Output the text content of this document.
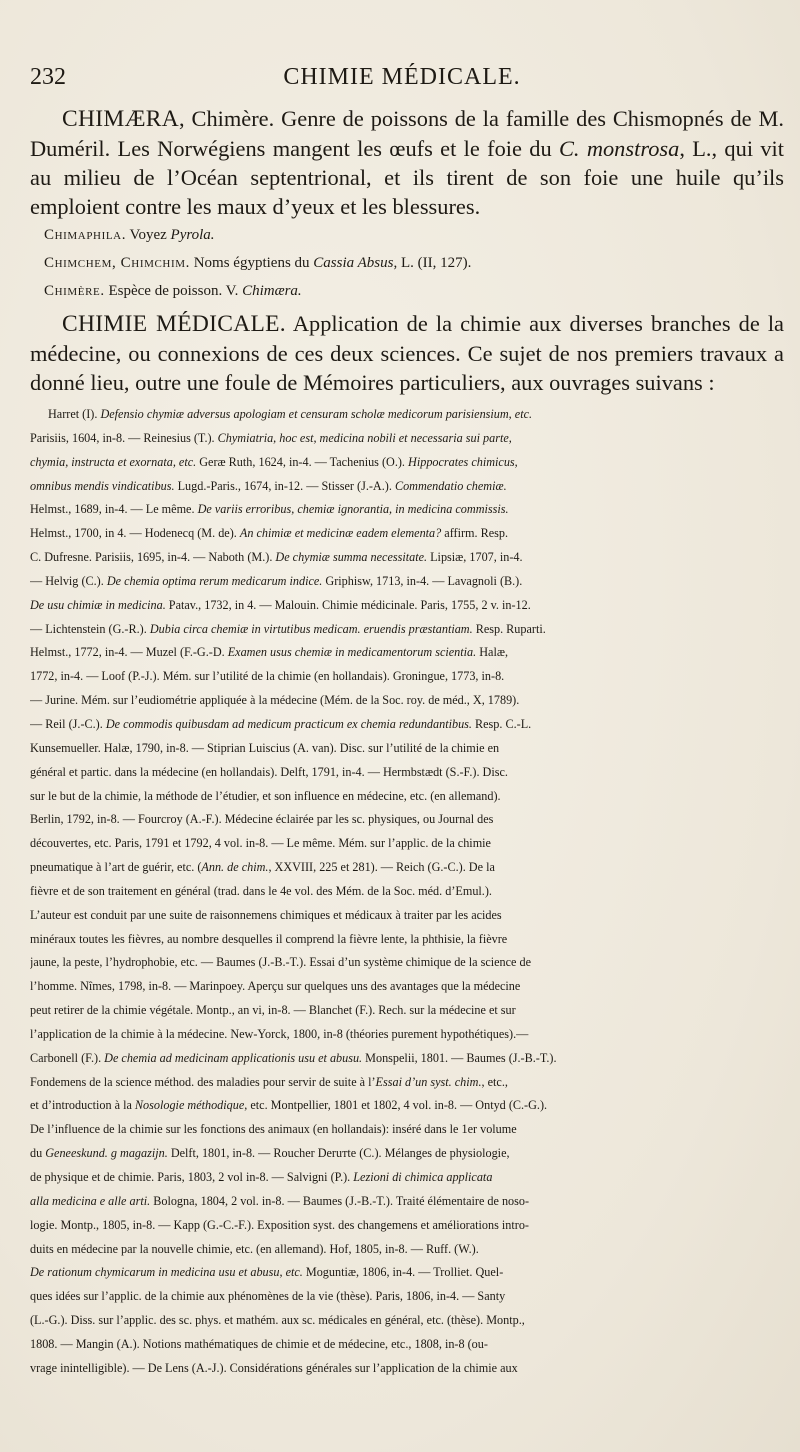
232	CHIMIE MÉDICALE.

CHIMÆRA, Chimère. Genre de poissons de la famille des Chismopnés de M. Duméril. Les Norwégiens mangent les œufs et le foie du C. monstrosa, L., qui vit au milieu de l’Océan septentrional, et ils tirent de son foie une huile qu’ils emploient contre les maux d’yeux et les blessures.

Chimaphila. Voyez Pyrola.

Chimchem, Chimchim. Noms égyptiens du Cassia Absus, L. (II, 127).

Chimère. Espèce de poisson. V. Chimæra.

CHIMIE MÉDICALE. Application de la chimie aux diverses branches de la médecine, ou connexions de ces deux sciences. Ce sujet de nos premiers travaux a donné lieu, outre une foule de Mémoires particuliers, aux ouvrages suivans :

Harret (I). Defensio chymiæ adversus apologiam et censuram scholæ medicorum parisiensium, etc.
Parisiis, 1604, in-8. — Reinesius (T.). Chymiatria, hoc est, medicina nobili et necessaria sui parte,
chymia, instructa et exornata, etc. Geræ Ruth, 1624, in-4. — Tachenius (O.). Hippocrates chimicus,
omnibus mendis vindicatibus. Lugd.-Paris., 1674, in-12. — Stisser (J.-A.). Commendatio chemiæ.
Helmst., 1689, in-4. — Le même. De variis erroribus, chemiæ ignorantia, in medicina commissis.
Helmst., 1700, in 4. — Hodenecq (M. de). An chimiæ et medicinæ eadem elementa? affirm. Resp.
C. Dufresne. Parisiis, 1695, in-4. — Naboth (M.). De chymiæ summa necessitate. Lipsiæ, 1707, in-4.
— Helvig (C.). De chemia optima rerum medicarum indice. Griphisw, 1713, in-4. — Lavagnoli (B.).
De usu chimiæ in medicina. Patav., 1732, in 4. — Malouin. Chimie médicinale. Paris, 1755, 2 v. in-12.
— Lichtenstein (G.-R.). Dubia circa chemiæ in virtutibus medicam. eruendis præstantiam. Resp. Ruparti.
Helmst., 1772, in-4. — Muzel (F.-G.-D. Examen usus chemiæ in medicamentorum scientia. Halæ,
1772, in-4. — Loof (P.-J.). Mém. sur l’utilité de la chimie (en hollandais). Groningue, 1773, in-8.
— Jurine. Mém. sur l’eudiométrie appliquée à la médecine (Mém. de la Soc. roy. de méd., X, 1789).
— Reil (J.-C.). De commodis quibusdam ad medicum practicum ex chemia redundantibus. Resp. C.-L.
Kunsemueller. Halæ, 1790, in-8. — Stiprian Luiscius (A. van). Disc. sur l’utilité de la chimie en
général et partic. dans la médecine (en hollandais). Delft, 1791, in-4. — Hermbstædt (S.-F.). Disc.
sur le but de la chimie, la méthode de l’étudier, et son influence en médecine, etc. (en allemand).
Berlin, 1792, in-8. — Fourcroy (A.-F.). Médecine éclairée par les sc. physiques, ou Journal des
découvertes, etc. Paris, 1791 et 1792, 4 vol. in-8. — Le même. Mém. sur l’applic. de la chimie
pneumatique à l’art de guérir, etc. (Ann. de chim., XXVIII, 225 et 281). — Reich (G.-C.). De la
fièvre et de son traitement en général (trad. dans le 4e vol. des Mém. de la Soc. méd. d’Emul.).
L’auteur est conduit par une suite de raisonnemens chimiques et médicaux à traiter par les acides
minéraux toutes les fièvres, au nombre desquelles il comprend la fièvre lente, la phthisie, la fièvre
jaune, la peste, l’hydrophobie, etc. — Baumes (J.-B.-T.). Essai d’un système chimique de la science de
l’homme. Nîmes, 1798, in-8. — Marinpoey. Aperçu sur quelques uns des avantages que la médecine
peut retirer de la chimie végétale. Montp., an vi, in-8. — Blanchet (F.). Rech. sur la médecine et sur
l’application de la chimie à la médecine. New-Yorck, 1800, in-8 (théories purement hypothétiques).—
Carbonell (F.). De chemia ad medicinam applicationis usu et abusu. Monspelii, 1801. — Baumes (J.-B.-T.).
Fondemens de la science méthod. des maladies pour servir de suite à l’Essai d’un syst. chim., etc.,
et d’introduction à la Nosologie méthodique, etc. Montpellier, 1801 et 1802, 4 vol. in-8. — Ontyd (C.-G.).
De l’influence de la chimie sur les fonctions des animaux (en hollandais): inséré dans le 1er volume
du Geneeskund. g magazijn. Delft, 1801, in-8. — Roucher Deruтte (C.). Mélanges de physiologie,
de physique et de chimie. Paris, 1803, 2 vol in-8. — Salvigni (P.). Lezioni di chimica applicata
alla medicina e alle arti. Bologna, 1804, 2 vol. in-8. — Baumes (J.-B.-T.). Traité élémentaire de noso-
logie. Montp., 1805, in-8. — Kapp (G.-C.-F.). Exposition syst. des changemens et améliorations intro-
duits en médecine par la nouvelle chimie, etc. (en allemand). Hof, 1805, in-8. — Ruff. (W.).
De rationum chymicarum in medicina usu et abusu, etc. Moguntiæ, 1806, in-4. — Trolliet. Quel-
ques idées sur l’applic. de la chimie aux phénomènes de la vie (thèse). Paris, 1806, in-4. — Santy
(L.-G.). Diss. sur l’applic. des sc. phys. et mathém. aux sc. médicales en général, etc. (thèse). Montp.,
1808. — Mangin (A.). Notions mathématiques de chimie et de médecine, etc., 1808, in-8 (ou-
vrage inintelligible). — De Lens (A.-J.). Considérations générales sur l’application de la chimie aux
